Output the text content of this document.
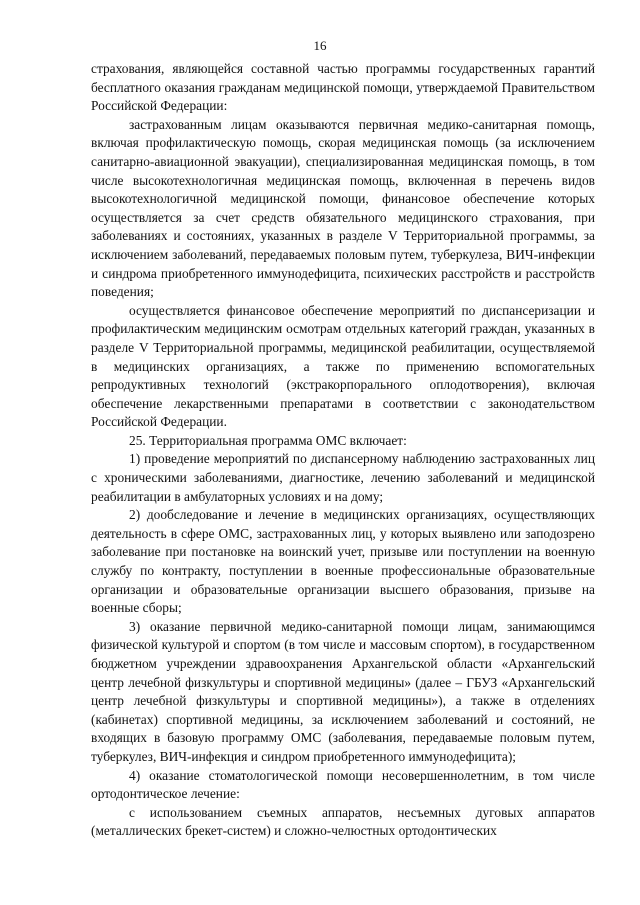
16

страхования, являющейся составной частью программы государственных гарантий бесплатного оказания гражданам медицинской помощи, утверждаемой Правительством Российской Федерации:

застрахованным лицам оказываются первичная медико-санитарная помощь, включая профилактическую помощь, скорая медицинская помощь (за исключением санитарно-авиационной эвакуации), специализированная медицинская помощь, в том числе высокотехнологичная медицинская помощь, включенная в перечень видов высокотехнологичной медицинской помощи, финансовое обеспечение которых осуществляется за счет средств обязательного медицинского страхования, при заболеваниях и состояниях, указанных в разделе V Территориальной программы, за исключением заболеваний, передаваемых половым путем, туберкулеза, ВИЧ-инфекции и синдрома приобретенного иммунодефицита, психических расстройств и расстройств поведения;

осуществляется финансовое обеспечение мероприятий по диспансеризации и профилактическим медицинским осмотрам отдельных категорий граждан, указанных в разделе V Территориальной программы, медицинской реабилитации, осуществляемой в медицинских организациях, а также по применению вспомогательных репродуктивных технологий (экстракорпорального оплодотворения), включая обеспечение лекарственными препаратами в соответствии с законодательством Российской Федерации.

25. Территориальная программа ОМС включает:

1) проведение мероприятий по диспансерному наблюдению застрахованных лиц с хроническими заболеваниями, диагностике, лечению заболеваний и медицинской реабилитации в амбулаторных условиях и на дому;

2) дообследование и лечение в медицинских организациях, осуществляющих деятельность в сфере ОМС, застрахованных лиц, у которых выявлено или заподозрено заболевание при постановке на воинский учет, призыве или поступлении на военную службу по контракту, поступлении в военные профессиональные образовательные организации и образовательные организации высшего образования, призыве на военные сборы;

3) оказание первичной медико-санитарной помощи лицам, занимающимся физической культурой и спортом (в том числе и массовым спортом), в государственном бюджетном учреждении здравоохранения Архангельской области «Архангельский центр лечебной физкультуры и спортивной медицины» (далее – ГБУЗ «Архангельский центр лечебной физкультуры и спортивной медицины»), а также в отделениях (кабинетах) спортивной медицины, за исключением заболеваний и состояний, не входящих в базовую программу ОМС (заболевания, передаваемые половым путем, туберкулез, ВИЧ-инфекция и синдром приобретенного иммунодефицита);

4) оказание стоматологической помощи несовершеннолетним, в том числе ортодонтическое лечение:

с использованием съемных аппаратов, несъемных дуговых аппаратов (металлических брекет-систем) и сложно-челюстных ортодонтических
